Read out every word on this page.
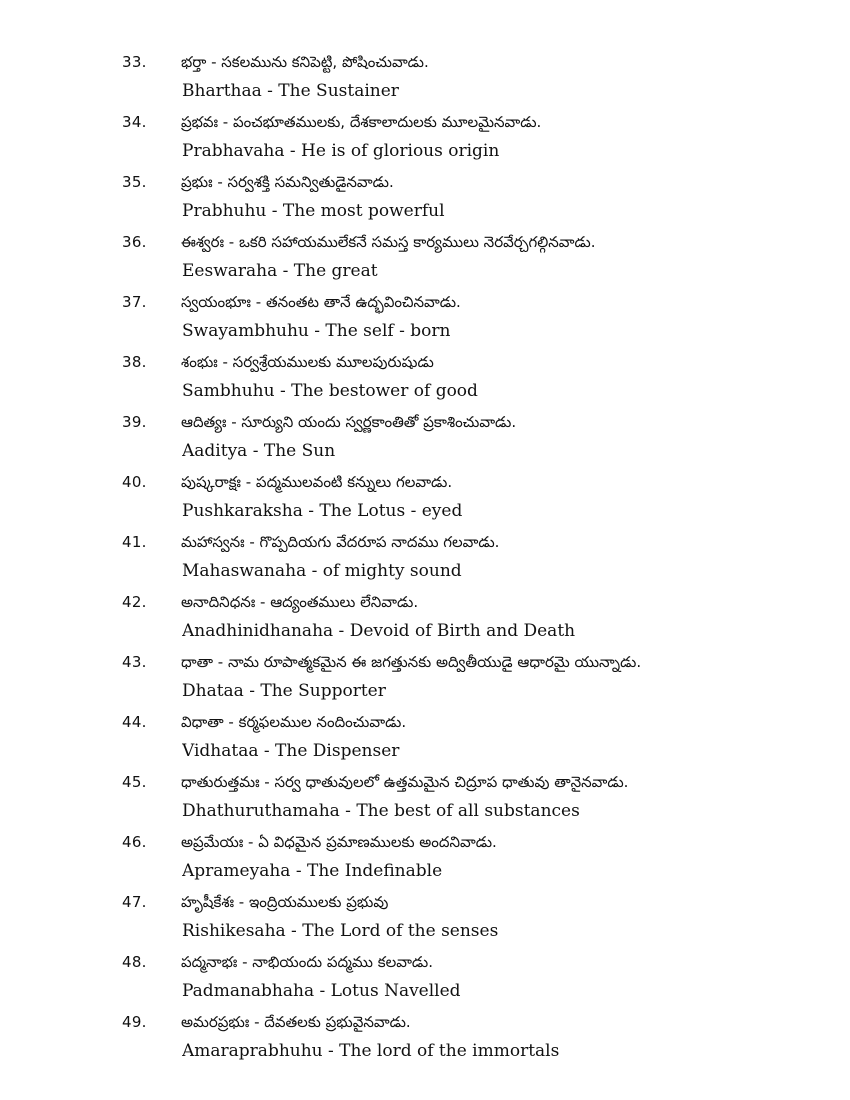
33. భర్తా - సకలమును కనిపెట్టి, పోషించువాడు.
Bharthaa - The Sustainer
34. ప్రభవః - పంచభూతములకు, దేశకాలాదులకు మూలమైనవాడు.
Prabhavaha - He is of glorious origin
35. ప్రభుః - సర్వశక్తి సమన్వితుడైనవాడు.
Prabhuhu - The most powerful
36. ఈశ్వరః - ఒకరి సహాయములేకనే సమస్త కార్యములు నెరవేర్చగల్గినవాడు.
Eeswaraha - The great
37. స్వయంభూః - తనంతట తానే ఉద్భవించినవాడు.
Swayambhuhu - The self - born
38. శంభుః - సర్వశ్రేయములకు మూలపురుషుడు
Sambhuhu - The bestower of good
39. ఆదిత్యః - సూర్యుని యందు స్వర్ణకాంతితో ప్రకాశించువాడు.
Aaditya - The Sun
40. పుష్కరాక్షః - పద్మములవంటి కన్నులు గలవాడు.
Pushkaraksha - The Lotus - eyed
41. మహాస్వనః - గొప్పదియగు వేదరూప నాదము గలవాడు.
Mahaswanaha - of mighty sound
42. అనాదినిధనః - ఆద్యంతములు లేనివాడు.
Anadhinidhanaha - Devoid of Birth and Death
43. ధాతా - నామ రూపాత్మకమైన ఈ జగత్తునకు అద్వితీయుడై ఆధారమై యున్నాడు.
Dhataa - The Supporter
44. విధాతా - కర్మఫలముల నందించువాడు.
Vidhataa - The Dispenser
45. ధాతురుత్తమః - సర్వ ధాతువులలో ఉత్తమమైన చిద్రూప ధాతువు తానైనవాడు.
Dhathuruthamaha - The best of all substances
46. అప్రమేయః - ఏ విధమైన ప్రమాణములకు అందనివాడు.
Aprameyaha - The Indefinable
47. హృషీకేశః - ఇంద్రియములకు ప్రభువు
Rishikesaha - The Lord of the senses
48. పద్మనాభః - నాభియందు పద్మము కలవాడు.
Padmanabhaha - Lotus Navelled
49. అమరప్రభుః - దేవతలకు ప్రభువైనవాడు.
Amaraprabhuhu - The lord of the immortals
